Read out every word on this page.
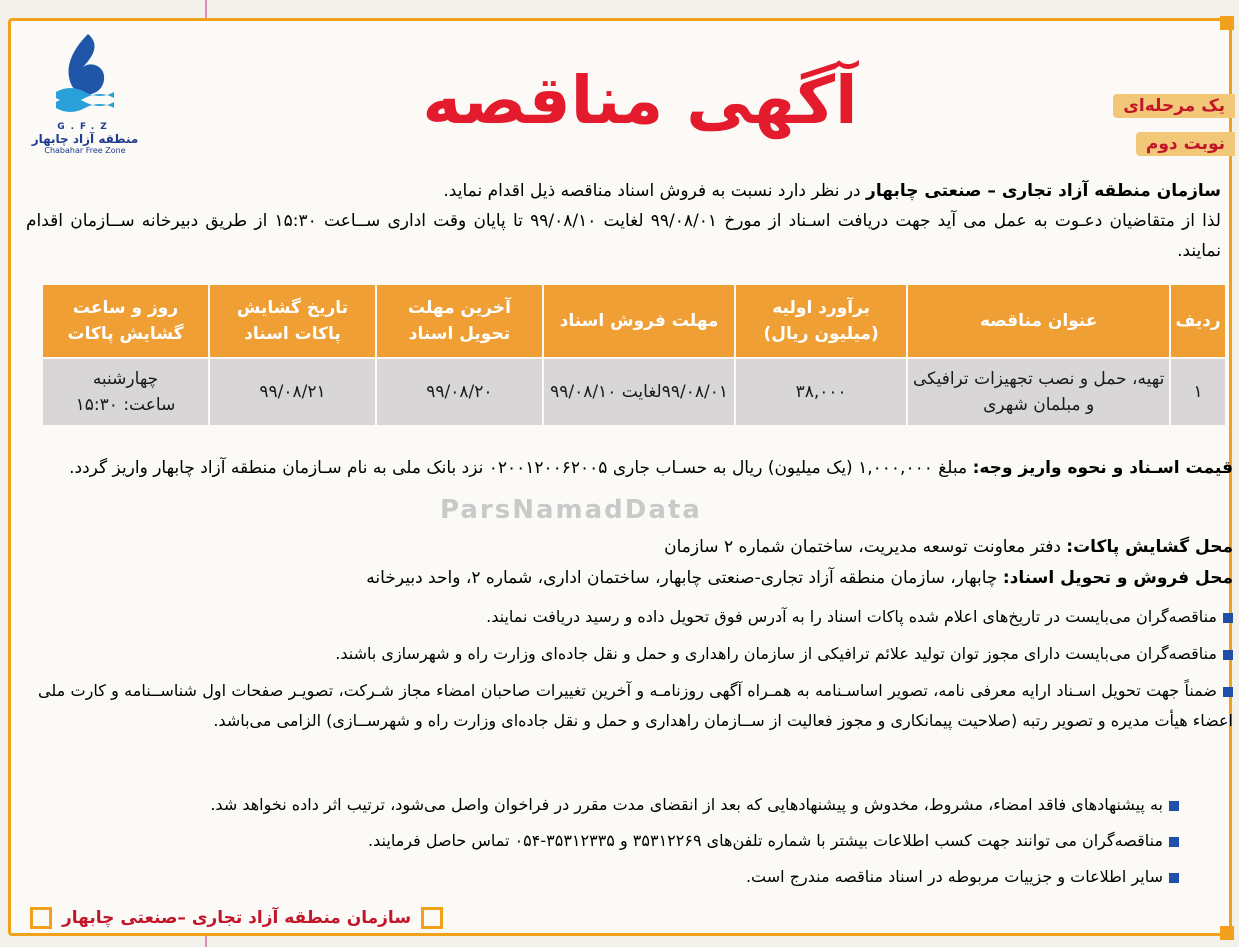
G.F.Z
منطقه آزاد چابهار
Chabahar Free Zone
آگهی مناقصه	یک مرحله‌ای
نوبت دوم
سازمان منطقه آزاد تجاری – صنعتی چابهار در نظر دارد نسبت به فروش اسناد مناقصه ذیل اقدام نماید.
لذا از متقاضیان دعـوت به عمل می آید جهت دریافت اسـناد از مورخ ۹۹/۰۸/۰۱ لغایت ۹۹/۰۸/۱۰ تا پایان وقت اداری ســاعت ۱۵:۳۰ از طریق دبیرخانه ســازمان اقدام نمایند.
ردیف	عنوان مناقصه	برآورد اولیه (میلیون ریال)	مهلت فروش اسناد	آخرین مهلت تحویل اسناد	تاریخ گشایش پاکات اسناد	روز و ساعت گشایش پاکات
۱	تهیه، حمل و نصب تجهیزات ترافیکی و مبلمان شهری	۳۸,۰۰۰	۹۹/۰۸/۰۱لغایت ۹۹/۰۸/۱۰	۹۹/۰۸/۲۰	۹۹/۰۸/۲۱	چهارشنبه
ساعت: ۱۵:۳۰
ParsNamadData
قیمت اسـناد و نحوه واریز وجه: مبلغ ۱,۰۰۰,۰۰۰ (یک میلیون) ریال به حسـاب جاری ۰۲۰۰۱۲۰۰۶۲۰۰۵ نزد بانک ملی به نام سـازمان منطقه آزاد چابهار واریز گردد.
محل گشایش پاکات: دفتر معاونت توسعه مدیریت، ساختمان شماره ۲ سازمان
محل فروش و تحویل اسناد: چابهار، سازمان منطقه آزاد تجاری-صنعتی چابهار، ساختمان اداری، شماره ۲، واحد دبیرخانه
مناقصه‌گران می‌بایست در تاریخ‌های اعلام شده پاکات اسناد را به آدرس فوق تحویل داده و رسید دریافت نمایند.
مناقصه‌گران می‌بایست دارای مجوز توان تولید علائم ترافیکی از سازمان راهداری و حمل و نقل جاده‌ای وزارت راه و شهرسازی باشند.
ضمناً جهت تحویل اسـناد ارایه معرفی نامه، تصویر اساسـنامه به همـراه آگهی روزنامـه و آخرین تغییرات صاحبان امضاء مجاز شـرکت، تصویـر صفحات اول شناســنامه و کارت ملی اعضاء هیأت مدیره و تصویر رتبه (صلاحیت پیمانکاری و مجوز فعالیت از ســازمان راهداری و حمل و نقل جاده‌ای وزارت راه و شهرســازی) الزامی می‌باشد.
به پیشنهادهای فاقد امضاء، مشروط، مخدوش و پیشنهادهایی که بعد از انقضای مدت مقرر در فراخوان واصل می‌شود، ترتیب اثر داده نخواهد شد.
مناقصه‌گران می توانند جهت کسب اطلاعات بیشتر با شماره تلفن‌های ۳۵۳۱۲۲۶۹ و ۳۵۳۱۲۳۳۵-۰۵۴ تماس حاصل فرمایند.
سایر اطلاعات و جزییات مربوطه در اسناد مناقصه مندرج است.
سازمان منطقه آزاد تجاری –صنعتی چابهار
